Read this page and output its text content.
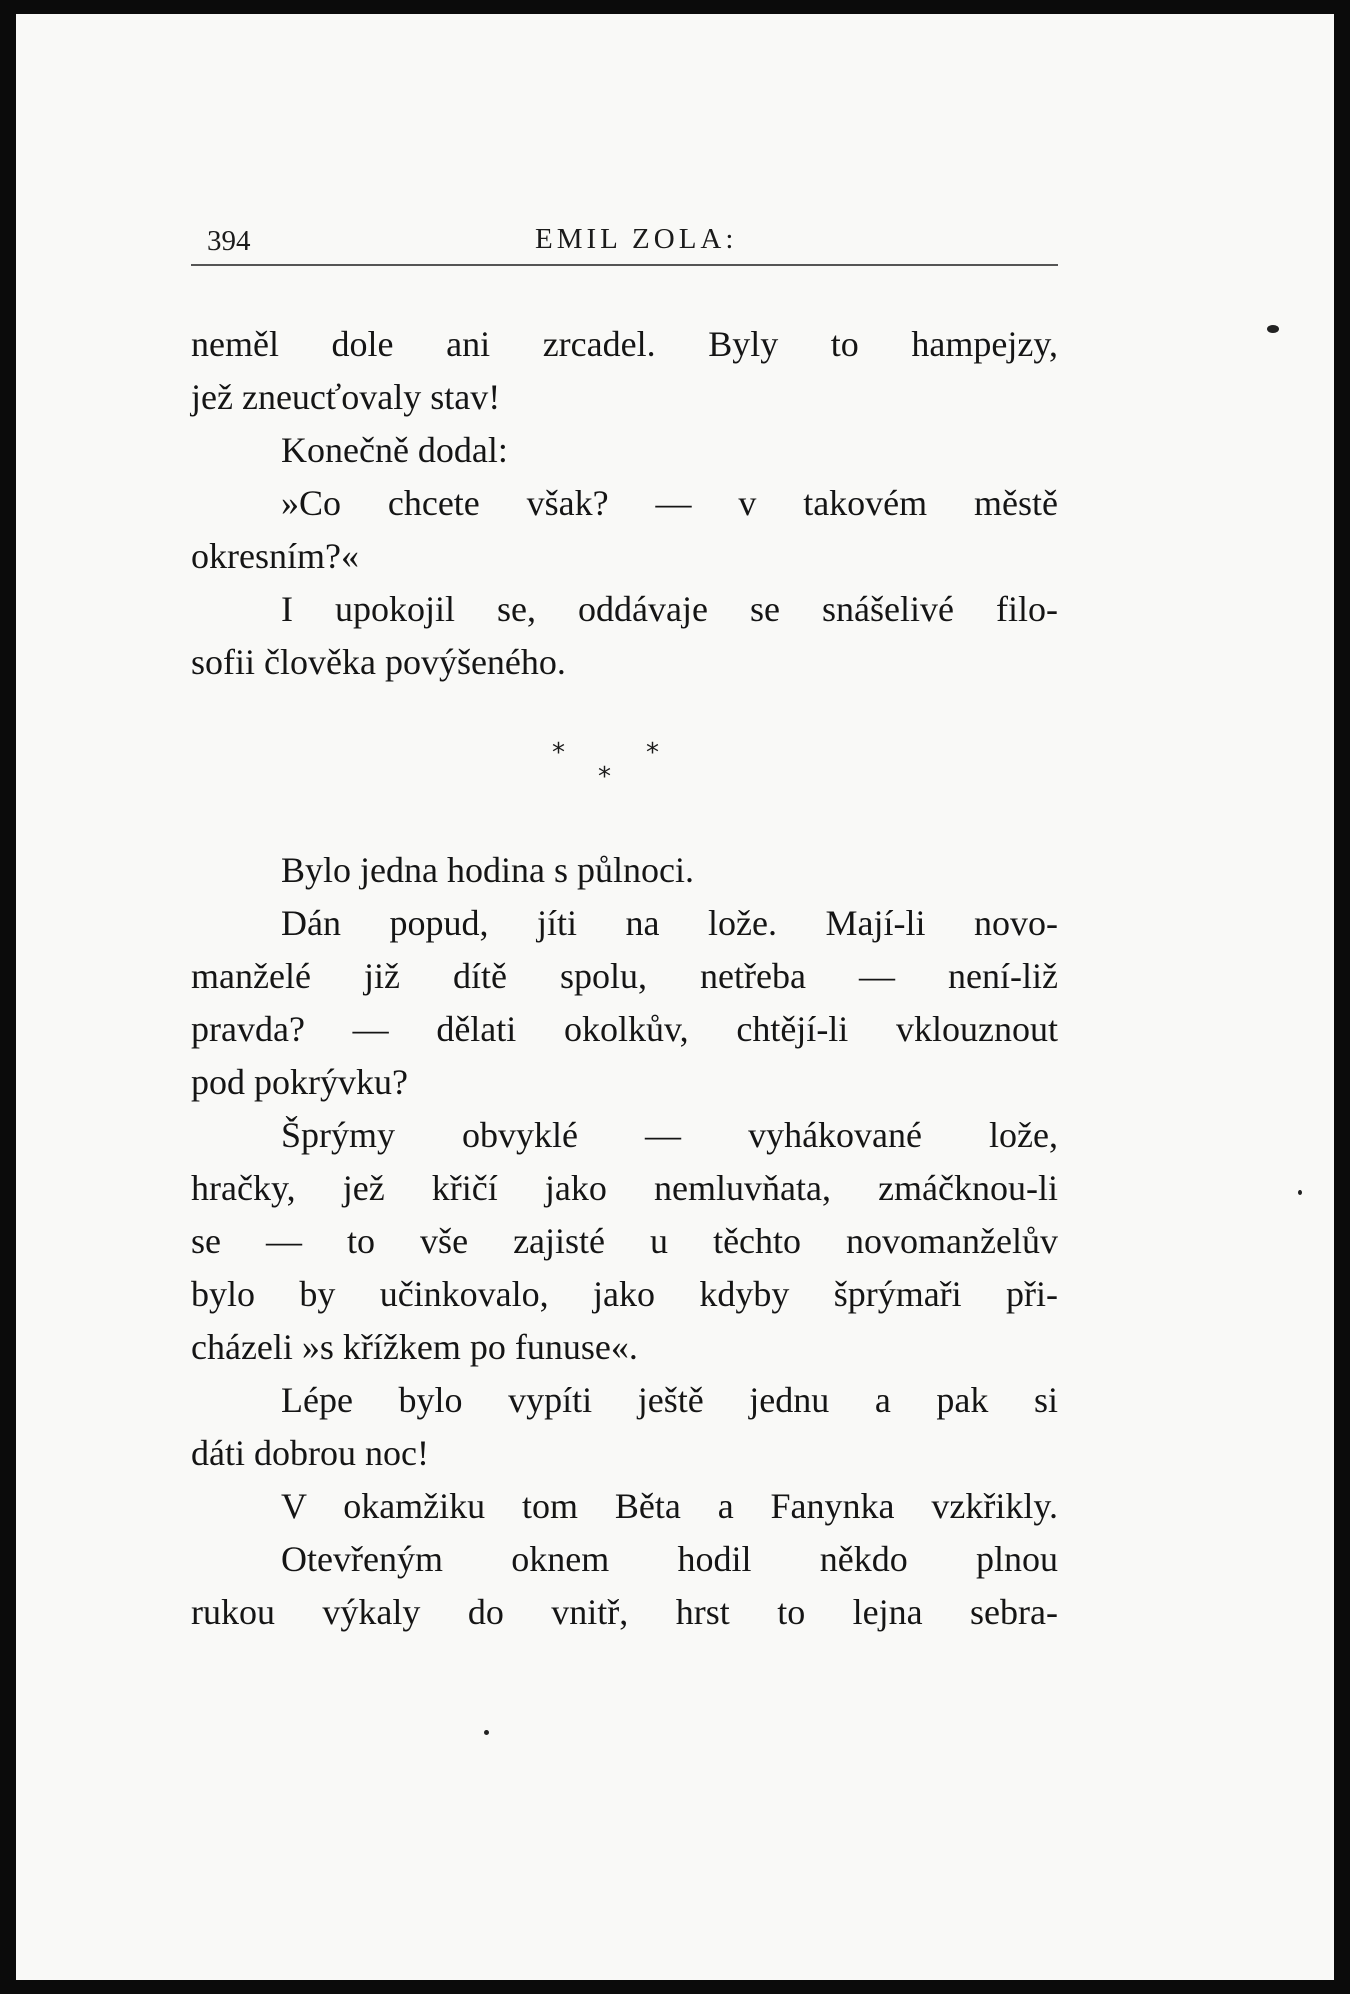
394	EMIL ZOLA:
neměl dole ani zrcadel. Byly to hampejzy,
jež zneucťovaly stav!
Konečně dodal:
»Co chcete však? — v takovém městě
okresním?«
I upokojil se, oddávaje se snášelivé filo-
sofii člověka povýšeného.
*
*
*
Bylo jedna hodina s půlnoci.
Dán popud, jíti na lože. Mají-li novo-
manželé již dítě spolu, netřeba — není-liž
pravda? — dělati okolkův, chtějí-li vklouznout
pod pokrývku?
Šprýmy obvyklé — vyhákované lože,
hračky, jež křičí jako nemluvňata, zmáčknou-li
se — to vše zajisté u těchto novomanželův
bylo by učinkovalo, jako kdyby šprýmaři při-
cházeli »s křížkem po funuse«.
Lépe bylo vypíti ještě jednu a pak si
dáti dobrou noc!
V okamžiku tom Běta a Fanynka vzkřikly.
Otevřeným oknem hodil někdo plnou
rukou výkaly do vnitř, hrst to lejna sebra-
